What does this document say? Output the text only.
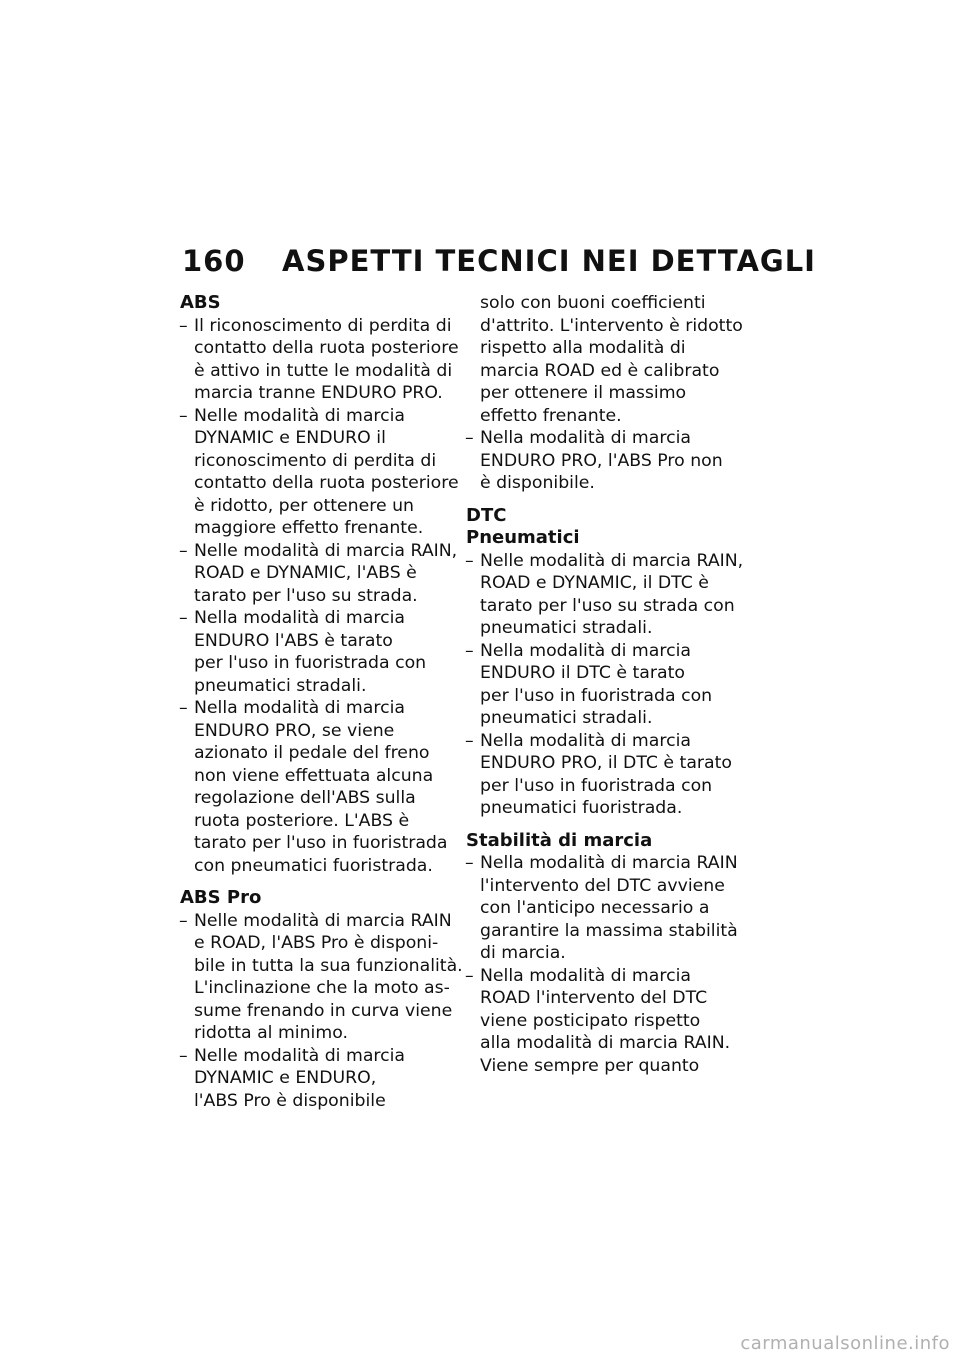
160 ASPETTI TECNICI NEI DETTAGLI

ABS

– Il riconoscimento di perdita di
contatto della ruota posteriore
è attivo in tutte le modalità di
marcia tranne ENDURO PRO.
– Nelle modalità di marcia
DYNAMIC e ENDURO il
riconoscimento di perdita di
contatto della ruota posteriore
è ridotto, per ottenere un
maggiore effetto frenante.
– Nelle modalità di marcia RAIN,
ROAD e DYNAMIC, l'ABS è
tarato per l'uso su strada.
– Nella modalità di marcia
ENDURO l'ABS è tarato
per l'uso in fuoristrada con
pneumatici stradali.
– Nella modalità di marcia
ENDURO PRO, se viene
azionato il pedale del freno
non viene effettuata alcuna
regolazione dell'ABS sulla
ruota posteriore. L'ABS è
tarato per l'uso in fuoristrada
con pneumatici fuoristrada.

ABS Pro

– Nelle modalità di marcia RAIN
e ROAD, l'ABS Pro è disponi-
bile in tutta la sua funzionalità.
L'inclinazione che la moto as-
sume frenando in curva viene
ridotta al minimo.
– Nelle modalità di marcia
DYNAMIC e ENDURO,
l'ABS Pro è disponibile
solo con buoni coefficienti
d'attrito. L'intervento è ridotto
rispetto alla modalità di
marcia ROAD ed è calibrato
per ottenere il massimo
effetto frenante.
– Nella modalità di marcia
ENDURO PRO, l'ABS Pro non
è disponibile.

DTC

Pneumatici

– Nelle modalità di marcia RAIN,
ROAD e DYNAMIC, il DTC è
tarato per l'uso su strada con
pneumatici stradali.
– Nella modalità di marcia
ENDURO il DTC è tarato
per l'uso in fuoristrada con
pneumatici stradali.
– Nella modalità di marcia
ENDURO PRO, il DTC è tarato
per l'uso in fuoristrada con
pneumatici fuoristrada.

Stabilità di marcia

– Nella modalità di marcia RAIN
l'intervento del DTC avviene
con l'anticipo necessario a
garantire la massima stabilità
di marcia.
– Nella modalità di marcia
ROAD l'intervento del DTC
viene posticipato rispetto
alla modalità di marcia RAIN.
Viene sempre per quanto
carmanualsonline.info
